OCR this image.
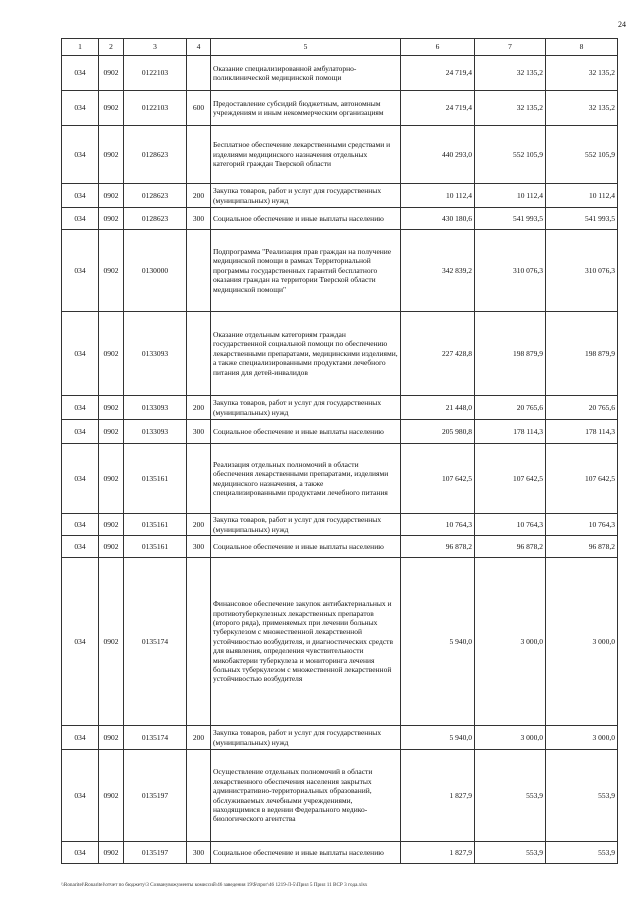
24
1	2	3	4	5	6	7	8
034	0902	0122103		Оказание специализированной амбулаторно-поликлинической медицинской помощи	24 719,4	32 135,2	32 135,2
034	0902	0122103	600	Предоставление субсидий бюджетным, автономным учреждениям и иным некоммерческим организациям	24 719,4	32 135,2	32 135,2
034	0902	0128623		Бесплатное обеспечение лекарственными средствами и изделиями медицинского назначения отдельных категорий граждан Тверской области	440 293,0	552 105,9	552 105,9
034	0902	0128623	200	Закупка товаров, работ и услуг для государственных (муниципальных) нужд	10 112,4	10 112,4	10 112,4
034	0902	0128623	300	Социальное обеспечение и иные выплаты населению	430 180,6	541 993,5	541 993,5
034	0902	0130000		Подпрограмма "Реализация прав граждан на получение медицинской помощи в рамках Территориальной программы государственных гарантий бесплатного оказания граждан на территории Тверской области медицинской помощи"	342 839,2	310 076,3	310 076,3
034	0902	0133093		Оказание отдельным категориям граждан государственной социальной помощи по обеспечению лекарственными препаратами, медицинскими изделиями, а также специализированными продуктами лечебного питания для детей-инвалидов	227 428,8	198 879,9	198 879,9
034	0902	0133093	200	Закупка товаров, работ и услуг для государственных (муниципальных) нужд	21 448,0	20 765,6	20 765,6
034	0902	0133093	300	Социальное обеспечение и иные выплаты населению	205 980,8	178 114,3	178 114,3
034	0902	0135161		Реализация отдельных полномочий в области обеспечения лекарственными препаратами, изделиями медицинского назначения, а также специализированными продуктами лечебного питания	107 642,5	107 642,5	107 642,5
034	0902	0135161	200	Закупка товаров, работ и услуг для государственных (муниципальных) нужд	10 764,3	10 764,3	10 764,3
034	0902	0135161	300	Социальное обеспечение и иные выплаты населению	96 878,2	96 878,2	96 878,2
034	0902	0135174		Финансовое обеспечение закупок антибактериальных и противотуберкулезных лекарственных препаратов (второго ряда), применяемых при лечении больных туберкулезом с множественной лекарственной устойчивостью возбудителя, и диагностических средств для выявления, определения чувствительности микобактерии туберкулеза и мониторинга лечения больных туберкулезом с множественной лекарственной устойчивостью возбудителя	5 940,0	3 000,0	3 000,0
034	0902	0135174	200	Закупка товаров, работ и услуг для государственных (муниципальных) нужд	5 940,0	3 000,0	3 000,0
034	0902	0135197		Осуществление отдельных полномочий в области лекарственного обеспечения населения закрытых административно-территориальных образований, обслуживаемых лечебными учреждениями, находящимися в ведении Федерального медико-биологического агентства	1 827,9	553,9	553,9
034	0902	0135197	300	Социальное обеспечение и иные выплаты населению	1 827,9	553,9	553,9
\\Ronaritel\Ronaritel\отчет по бюджету\3 Созванувожументы комиссий\46 заведения 19\$\прог\46 1219-Л-5\Прил 5 Прил 11 ВСР 3 года.xlsx
